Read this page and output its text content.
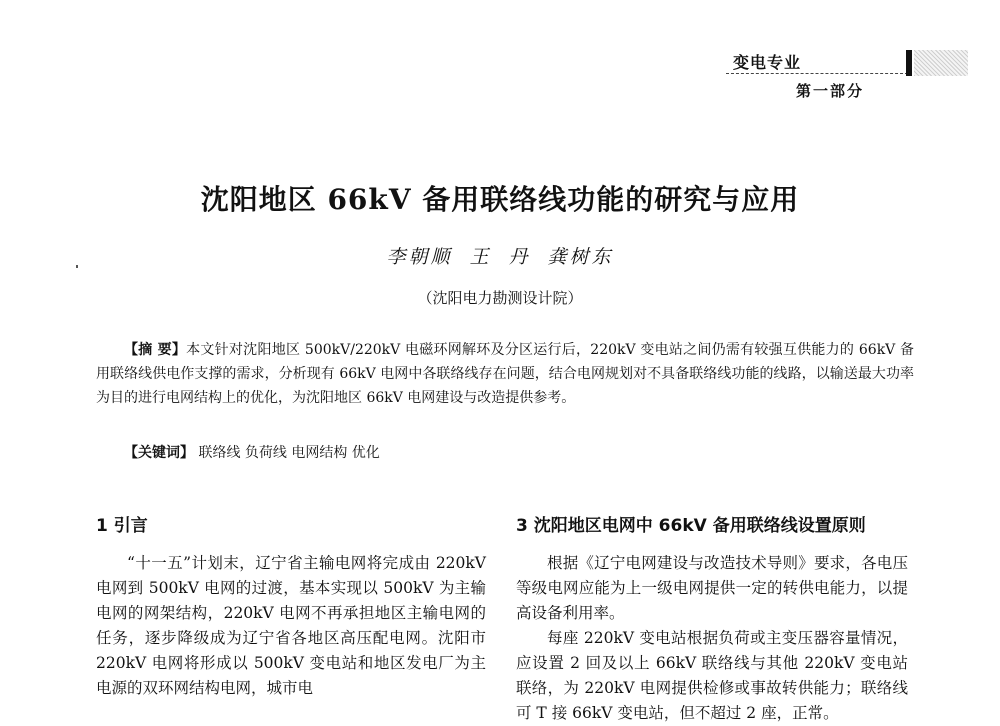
变电专业
第一部分
沈阳地区 66kV 备用联络线功能的研究与应用
李朝顺 王 丹 龚树东
（沈阳电力勘测设计院）
【摘 要】本文针对沈阳地区 500kV/220kV 电磁环网解环及分区运行后，220kV 变电站之间仍需有较强互供能力的 66kV 备用联络线供电作支撑的需求，分析现有 66kV 电网中各联络线存在问题，结合电网规划对不具备联络线功能的线路，以输送最大功率为目的进行电网结构上的优化，为沈阳地区 66kV 电网建设与改造提供参考。
【关键词】 联络线 负荷线 电网结构 优化
1 引言

“十一五”计划末，辽宁省主输电网将完成由 220kV 电网到 500kV 电网的过渡，基本实现以 500kV 为主输电网的网架结构，220kV 电网不再承担地区主输电网的任务，逐步降级成为辽宁省各地区高压配电网。沈阳市 220kV 电网将形成以 500kV 变电站和地区发电厂为主电源的双环网结构电网，城市电

3 沈阳地区电网中 66kV 备用联络线设置原则

根据《辽宁电网建设与改造技术导则》要求，各电压等级电网应能为上一级电网提供一定的转供电能力，以提高设备利用率。

每座 220kV 变电站根据负荷或主变压器容量情况，应设置 2 回及以上 66kV 联络线与其他 220kV 变电站联络，为 220kV 电网提供检修或事故转供能力；联络线可 T 接 66kV 变电站，但不超过 2 座，正常。
